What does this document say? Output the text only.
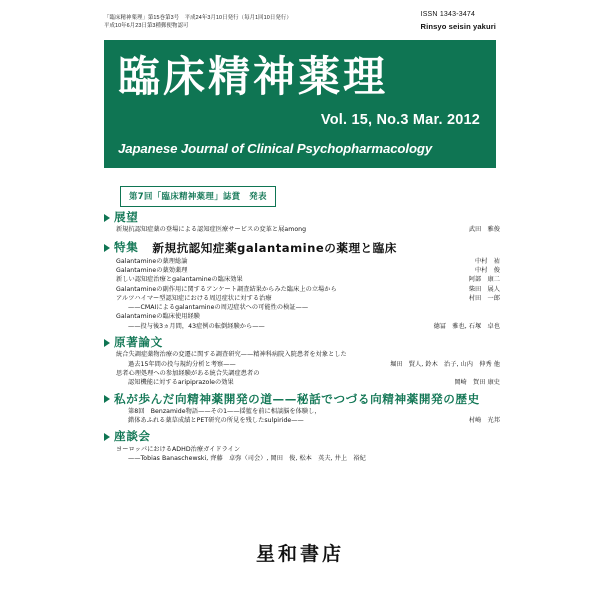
「臨床精神薬理」第15巻第3号　平成24年3月10日発行（毎月1回10日発行）
平成10年6月23日第3種郵便物認可
ISSN 1343-3474
Rinsyo seisin yakuri
臨床精神薬理
Vol. 15, No.3 Mar. 2012
Japanese Journal of Clinical Psychopharmacology
第7回「臨床精神薬理」誌賞　発表
展望
新規抗認知症薬の登場による認知症医療サービスの変革と展among	武田　雅俊
特集 新規抗認知症薬galantamineの薬理と臨床
Galantamineの薬理総論	中村　祐
Galantamineの薬効薬理	中村　俊
新しい認知症治療とgalantamineの臨床効果	阿部　康二
Galantamineの副作用に関するアンケート調査結果からみた臨床上の立場から	柴田　展人
アルツハイマー型認知症における周辺症状に対する治療	村田　一郎
——CMAIによるgalantamineの周辺症状への可能性の検証——
Galantamineの臨床使用経験
——投与後3ヵ月間，43症例の転倒経験から——	德冨　雅也, 石塚　卓也
原著論文
統合失調症薬物治療の変遷に関する調査研究——精神科病院入院患者を対象とした
過去15年間の投与規約分析と考察——	堀田　賢人, 鈴木　治子, 山内　伸秀 他
思者心理処理への参加経験がある統合失調症患者の
認知機能に対するaripiprazoleの効果	岡崎　賀田 康史
私が歩んだ向精神薬開発の道——秘話でつづる向精神薬開発の歴史
第8回　Benzamide物語——その1——揺籃を前に相談脳を体験し，
錯体あふれる薬草成績とPET研究の所見を残したsulpiride——	村崎　光邦
座談会
ヨーロッパにおけるADHD治療ガイドライン
——Tobias Banaschewski, 齊藤　卓弥（司会）, 岡田　俊, 松本　英夫, 井上　裕紀
星和書店
